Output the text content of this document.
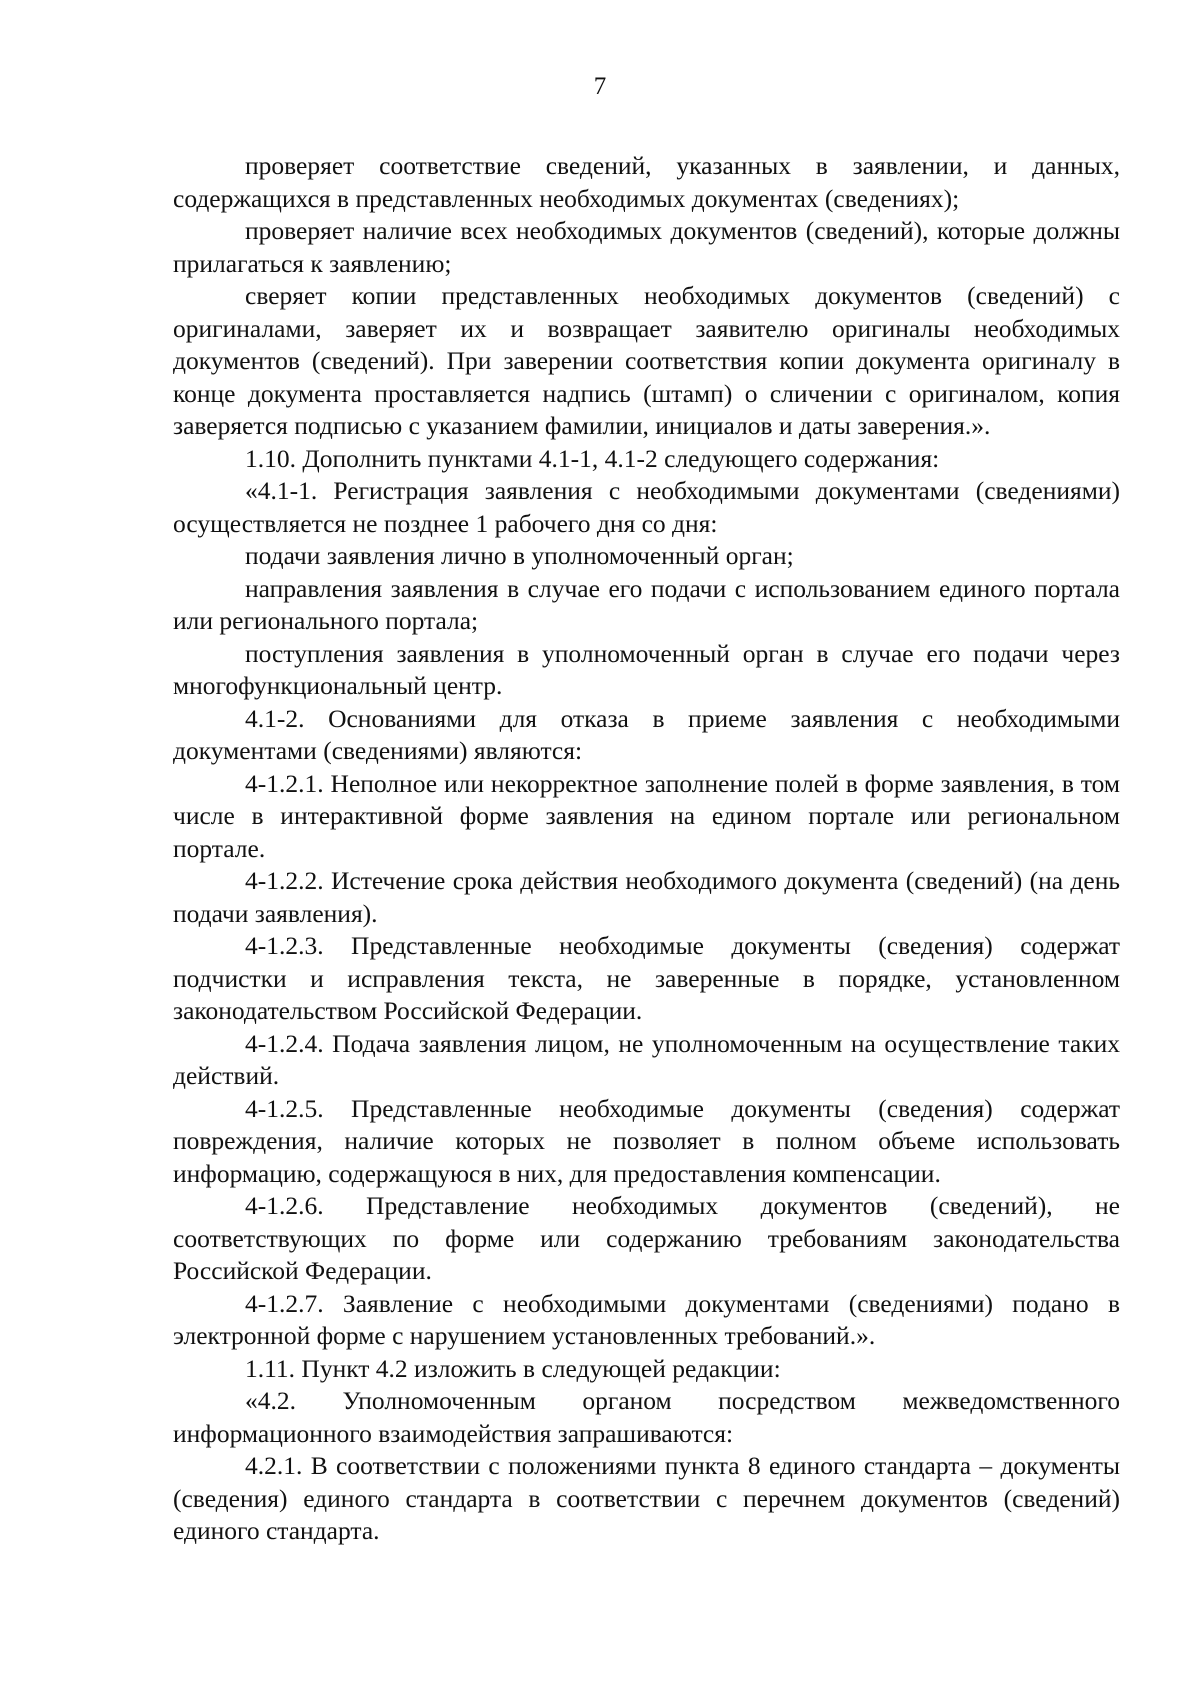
7

проверяет соответствие сведений, указанных в заявлении, и данных, содержащихся в представленных необходимых документах (сведениях);

проверяет наличие всех необходимых документов (сведений), которые должны прилагаться к заявлению;

сверяет копии представленных необходимых документов (сведений) с оригиналами, заверяет их и возвращает заявителю оригиналы необходимых документов (сведений). При заверении соответствия копии документа оригиналу в конце документа проставляется надпись (штамп) о сличении с оригиналом, копия заверяется подписью с указанием фамилии, инициалов и даты заверения.».

1.10. Дополнить пунктами 4.1-1, 4.1-2 следующего содержания:

«4.1-1. Регистрация заявления с необходимыми документами (сведениями) осуществляется не позднее 1 рабочего дня со дня:

подачи заявления лично в уполномоченный орган;

направления заявления в случае его подачи с использованием единого портала или регионального портала;

поступления заявления в уполномоченный орган в случае его подачи через многофункциональный центр.

4.1-2. Основаниями для отказа в приеме заявления с необходимыми документами (сведениями) являются:

4-1.2.1. Неполное или некорректное заполнение полей в форме заявления, в том числе в интерактивной форме заявления на едином портале или региональном портале.

4-1.2.2. Истечение срока действия необходимого документа (сведений) (на день подачи заявления).

4-1.2.3. Представленные необходимые документы (сведения) содержат подчистки и исправления текста, не заверенные в порядке, установленном законодательством Российской Федерации.

4-1.2.4. Подача заявления лицом, не уполномоченным на осуществление таких действий.

4-1.2.5. Представленные необходимые документы (сведения) содержат повреждения, наличие которых не позволяет в полном объеме использовать информацию, содержащуюся в них, для предоставления компенсации.

4-1.2.6. Представление необходимых документов (сведений), не соответствующих по форме или содержанию требованиям законодательства Российской Федерации.

4-1.2.7. Заявление с необходимыми документами (сведениями) подано в электронной форме с нарушением установленных требований.».

1.11. Пункт 4.2 изложить в следующей редакции:

«4.2. Уполномоченным органом посредством межведомственного информационного взаимодействия запрашиваются:

4.2.1. В соответствии с положениями пункта 8 единого стандарта – документы (сведения) единого стандарта в соответствии с перечнем документов (сведений) единого стандарта.
